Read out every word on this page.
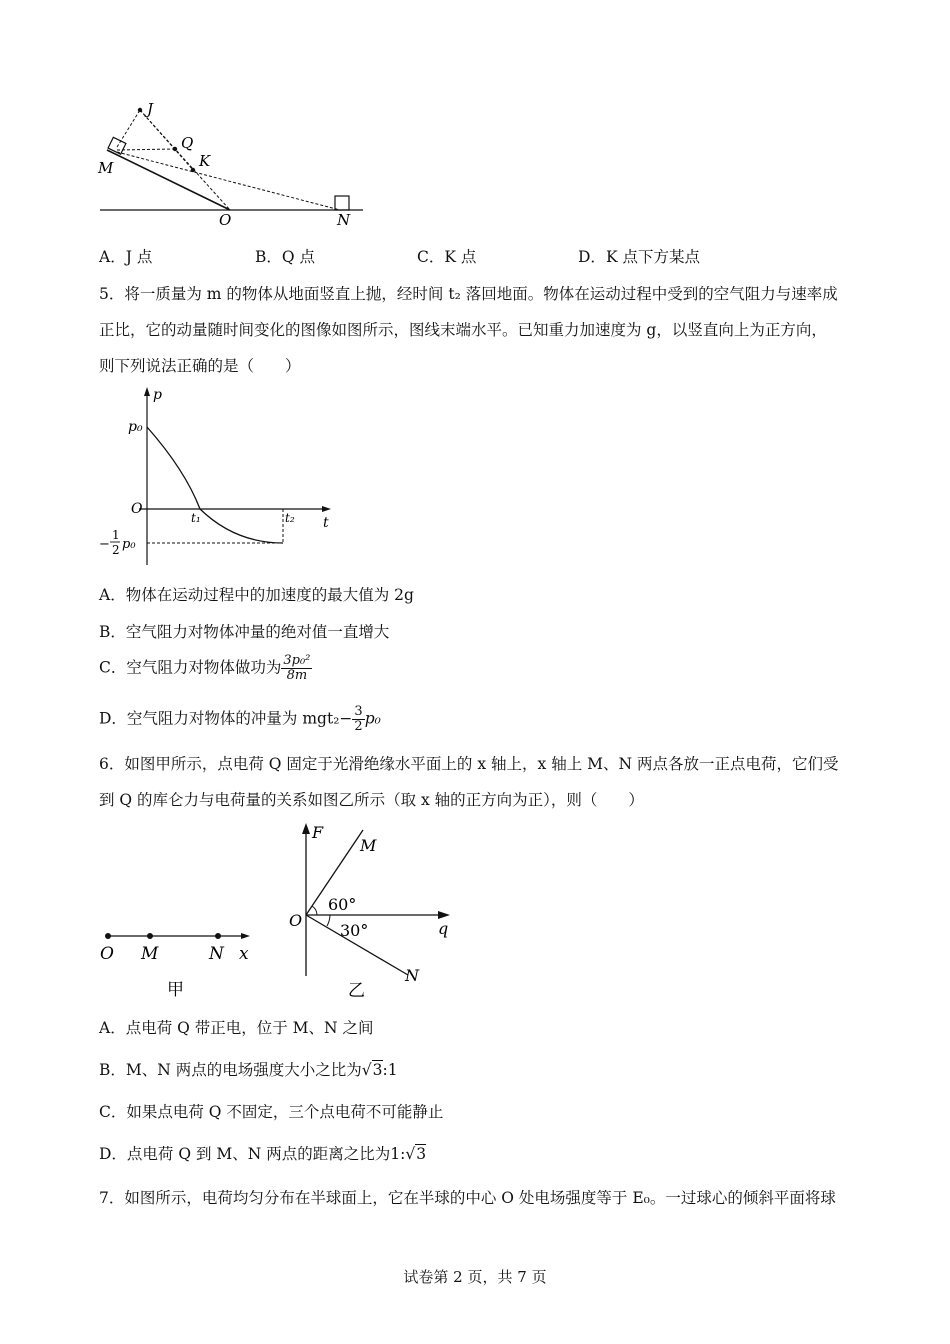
J
Q
K
M
O	N
A．J 点	B．Q 点	C．K 点	D．K 点下方某点
5．将一质量为 m 的物体从地面竖直上抛，经时间 t₂ 落回地面。物体在运动过程中受到的空气阻力与速率成
正比，它的动量随时间变化的图像如图所示，图线末端水平。已知重力加速度为 g，以竖直向上为正方向，
则下列说法正确的是（　　）
p
t
p₀
O
t₁	t₂
−
1
2 p₀
A．物体在运动过程中的加速度的最大值为 2g
B．空气阻力对物体冲量的绝对值一直增大
C．空气阻力对物体做功为 $\frac{\text{3p₀²}}{8m}$
D．空气阻力对物体的冲量为 $mgt_2- \frac{3}{2} p_0$
6．如图甲所示，点电荷 Q 固定于光滑绝缘水平面上的 x 轴上，x 轴上 M、N 两点各放一正点电荷，它们受
到 Q 的库仑力与电荷量的关系如图乙所示（取 x 轴的正方向为正），则（　　）
O M	N x
甲
F
M
N
O	q
60°
30°
乙
A．点电荷 Q 带正电，位于 M、N 之间
B．M、N 两点的电场强度大小之比为√3:1
C．如果点电荷 Q 不固定，三个点电荷不可能静止
D．点电荷 Q 到 M、N 两点的距离之比为1:√3
7．如图所示，电荷均匀分布在半球面上，它在半球的中心 O 处电场强度等于 E₀。一过球心的倾斜平面将球
试卷第 2 页，共 7 页
